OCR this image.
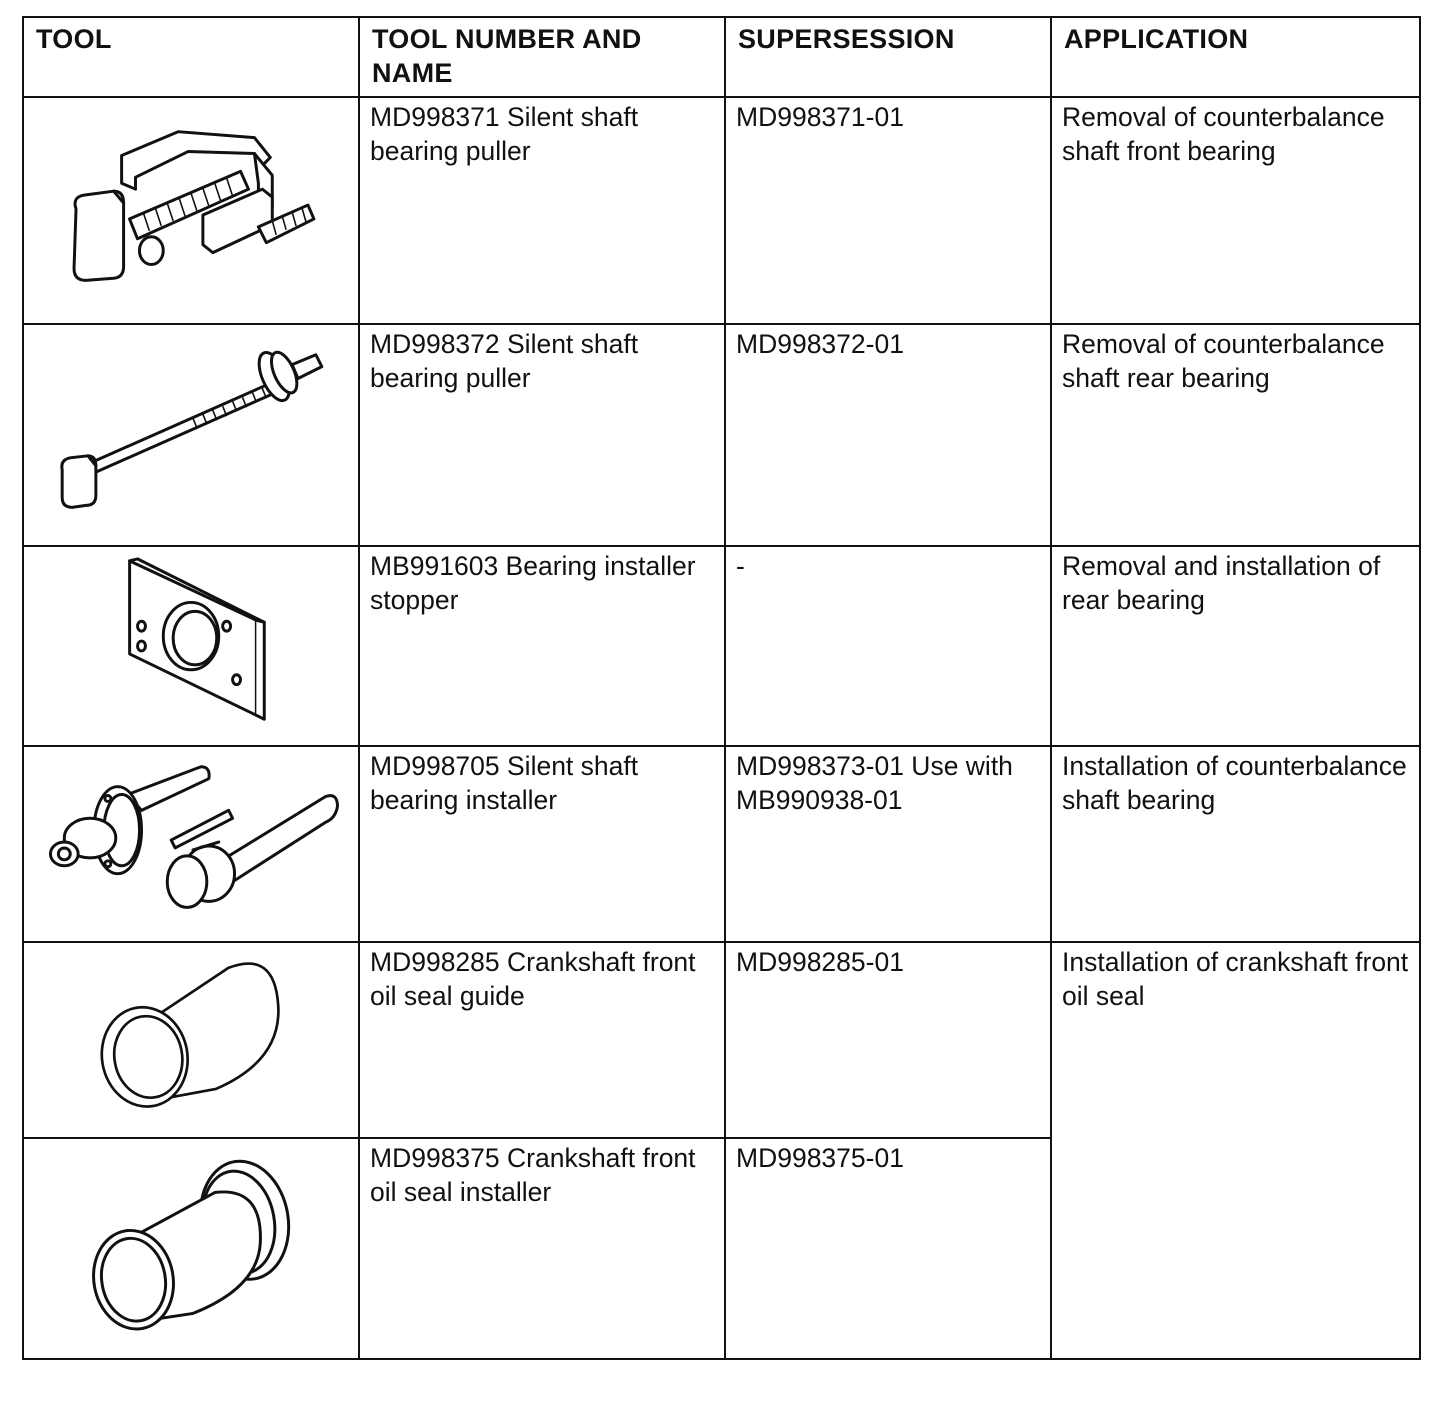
TOOL	TOOL NUMBER AND NAME	SUPERSESSION	APPLICATION

MD998371 Silent shaft bearing puller	MD998371-01	Removal of counterbalance shaft front bearing

MD998372 Silent shaft bearing puller	MD998372-01	Removal of counterbalance shaft rear bearing

MB991603 Bearing installer stopper	-	Removal and installation of rear bearing

MD998705 Silent shaft bearing installer	MD998373-01 Use with MB990938-01	Installation of counterbalance shaft bearing

MD998285 Crankshaft front oil seal guide	MD998285-01	Installation of crankshaft front oil seal

MD998375 Crankshaft front oil seal installer	MD998375-01	
